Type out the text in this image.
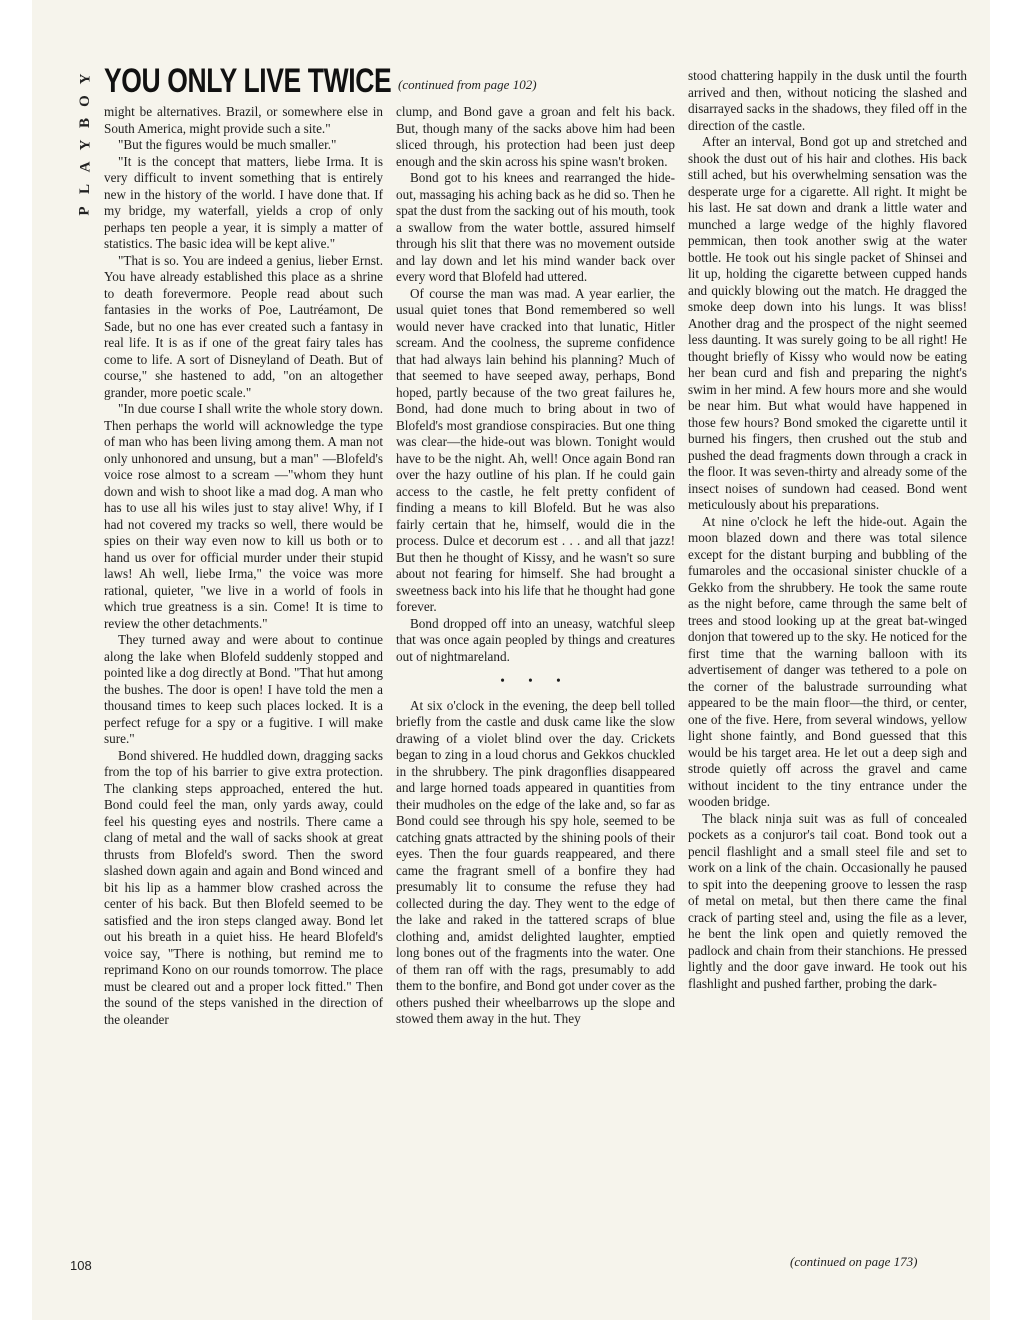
Y
O
B
Y
A
L
P
YOU ONLY LIVE TWICE (continued from page 102)

might be alternatives. Brazil, or somewhere else in South America, might provide such a site."

"But the figures would be much smaller."

"It is the concept that matters, liebe Irma. It is very difficult to invent something that is entirely new in the history of the world. I have done that. If my bridge, my waterfall, yields a crop of only perhaps ten people a year, it is simply a matter of statistics. The basic idea will be kept alive."

"That is so. You are indeed a genius, lieber Ernst. You have already established this place as a shrine to death forevermore. People read about such fantasies in the works of Poe, Lautréamont, De Sade, but no one has ever created such a fantasy in real life. It is as if one of the great fairy tales has come to life. A sort of Disneyland of Death. But of course," she hastened to add, "on an altogether grander, more poetic scale."

"In due course I shall write the whole story down. Then perhaps the world will acknowledge the type of man who has been living among them. A man not only unhonored and unsung, but a man" —Blofeld's voice rose almost to a scream —"whom they hunt down and wish to shoot like a mad dog. A man who has to use all his wiles just to stay alive! Why, if I had not covered my tracks so well, there would be spies on their way even now to kill us both or to hand us over for official murder under their stupid laws! Ah well, liebe Irma," the voice was more rational, quieter, "we live in a world of fools in which true greatness is a sin. Come! It is time to review the other detachments."

They turned away and were about to continue along the lake when Blofeld suddenly stopped and pointed like a dog directly at Bond. "That hut among the bushes. The door is open! I have told the men a thousand times to keep such places locked. It is a perfect refuge for a spy or a fugitive. I will make sure."

Bond shivered. He huddled down, dragging sacks from the top of his barrier to give extra protection. The clanking steps approached, entered the hut. Bond could feel the man, only yards away, could feel his questing eyes and nostrils. There came a clang of metal and the wall of sacks shook at great thrusts from Blofeld's sword. Then the sword slashed down again and again and Bond winced and bit his lip as a hammer blow crashed across the center of his back. But then Blofeld seemed to be satisfied and the iron steps clanged away. Bond let out his breath in a quiet hiss. He heard Blofeld's voice say, "There is nothing, but remind me to reprimand Kono on our rounds tomorrow. The place must be cleared out and a proper lock fitted." Then the sound of the steps vanished in the direction of the oleander

clump, and Bond gave a groan and felt his back. But, though many of the sacks above him had been sliced through, his protection had been just deep enough and the skin across his spine wasn't broken.

Bond got to his knees and rearranged the hide-out, massaging his aching back as he did so. Then he spat the dust from the sacking out of his mouth, took a swallow from the water bottle, assured himself through his slit that there was no movement outside and lay down and let his mind wander back over every word that Blofeld had uttered.

Of course the man was mad. A year earlier, the usual quiet tones that Bond remembered so well would never have cracked into that lunatic, Hitler scream. And the coolness, the supreme confidence that had always lain behind his planning? Much of that seemed to have seeped away, perhaps, Bond hoped, partly because of the two great failures he, Bond, had done much to bring about in two of Blofeld's most grandiose conspiracies. But one thing was clear—the hide-out was blown. Tonight would have to be the night. Ah, well! Once again Bond ran over the hazy outline of his plan. If he could gain access to the castle, he felt pretty confident of finding a means to kill Blofeld. But he was also fairly certain that he, himself, would die in the process. Dulce et decorum est . . . and all that jazz! But then he thought of Kissy, and he wasn't so sure about not fearing for himself. She had brought a sweetness back into his life that he thought had gone forever.

Bond dropped off into an uneasy, watchful sleep that was once again peopled by things and creatures out of nightmareland.

• • •

At six o'clock in the evening, the deep bell tolled briefly from the castle and dusk came like the slow drawing of a violet blind over the day. Crickets began to zing in a loud chorus and Gekkos chuckled in the shrubbery. The pink dragonflies disappeared and large horned toads appeared in quantities from their mudholes on the edge of the lake and, so far as Bond could see through his spy hole, seemed to be catching gnats attracted by the shining pools of their eyes. Then the four guards reappeared, and there came the fragrant smell of a bonfire they had presumably lit to consume the refuse they had collected during the day. They went to the edge of the lake and raked in the tattered scraps of blue clothing and, amidst delighted laughter, emptied long bones out of the fragments into the water. One of them ran off with the rags, presumably to add them to the bonfire, and Bond got under cover as the others pushed their wheelbarrows up the slope and stowed them away in the hut. They

stood chattering happily in the dusk until the fourth arrived and then, without noticing the slashed and disarrayed sacks in the shadows, they filed off in the direction of the castle.

After an interval, Bond got up and stretched and shook the dust out of his hair and clothes. His back still ached, but his overwhelming sensation was the desperate urge for a cigarette. All right. It might be his last. He sat down and drank a little water and munched a large wedge of the highly flavored pemmican, then took another swig at the water bottle. He took out his single packet of Shinsei and lit up, holding the cigarette between cupped hands and quickly blowing out the match. He dragged the smoke deep down into his lungs. It was bliss! Another drag and the prospect of the night seemed less daunting. It was surely going to be all right! He thought briefly of Kissy who would now be eating her bean curd and fish and preparing the night's swim in her mind. A few hours more and she would be near him. But what would have happened in those few hours? Bond smoked the cigarette until it burned his fingers, then crushed out the stub and pushed the dead fragments down through a crack in the floor. It was seven-thirty and already some of the insect noises of sundown had ceased. Bond went meticulously about his preparations.

At nine o'clock he left the hide-out. Again the moon blazed down and there was total silence except for the distant burping and bubbling of the fumaroles and the occasional sinister chuckle of a Gekko from the shrubbery. He took the same route as the night before, came through the same belt of trees and stood looking up at the great bat-winged donjon that towered up to the sky. He noticed for the first time that the warning balloon with its advertisement of danger was tethered to a pole on the corner of the balustrade surrounding what appeared to be the main floor—the third, or center, one of the five. Here, from several windows, yellow light shone faintly, and Bond guessed that this would be his target area. He let out a deep sigh and strode quietly off across the gravel and came without incident to the tiny entrance under the wooden bridge.

The black ninja suit was as full of concealed pockets as a conjuror's tail coat. Bond took out a pencil flashlight and a small steel file and set to work on a link of the chain. Occasionally he paused to spit into the deepening groove to lessen the rasp of metal on metal, but then there came the final crack of parting steel and, using the file as a lever, he bent the link open and quietly removed the padlock and chain from their stanchions. He pressed lightly and the door gave inward. He took out his flashlight and pushed farther, probing the dark-

108	(continued on page 173)
